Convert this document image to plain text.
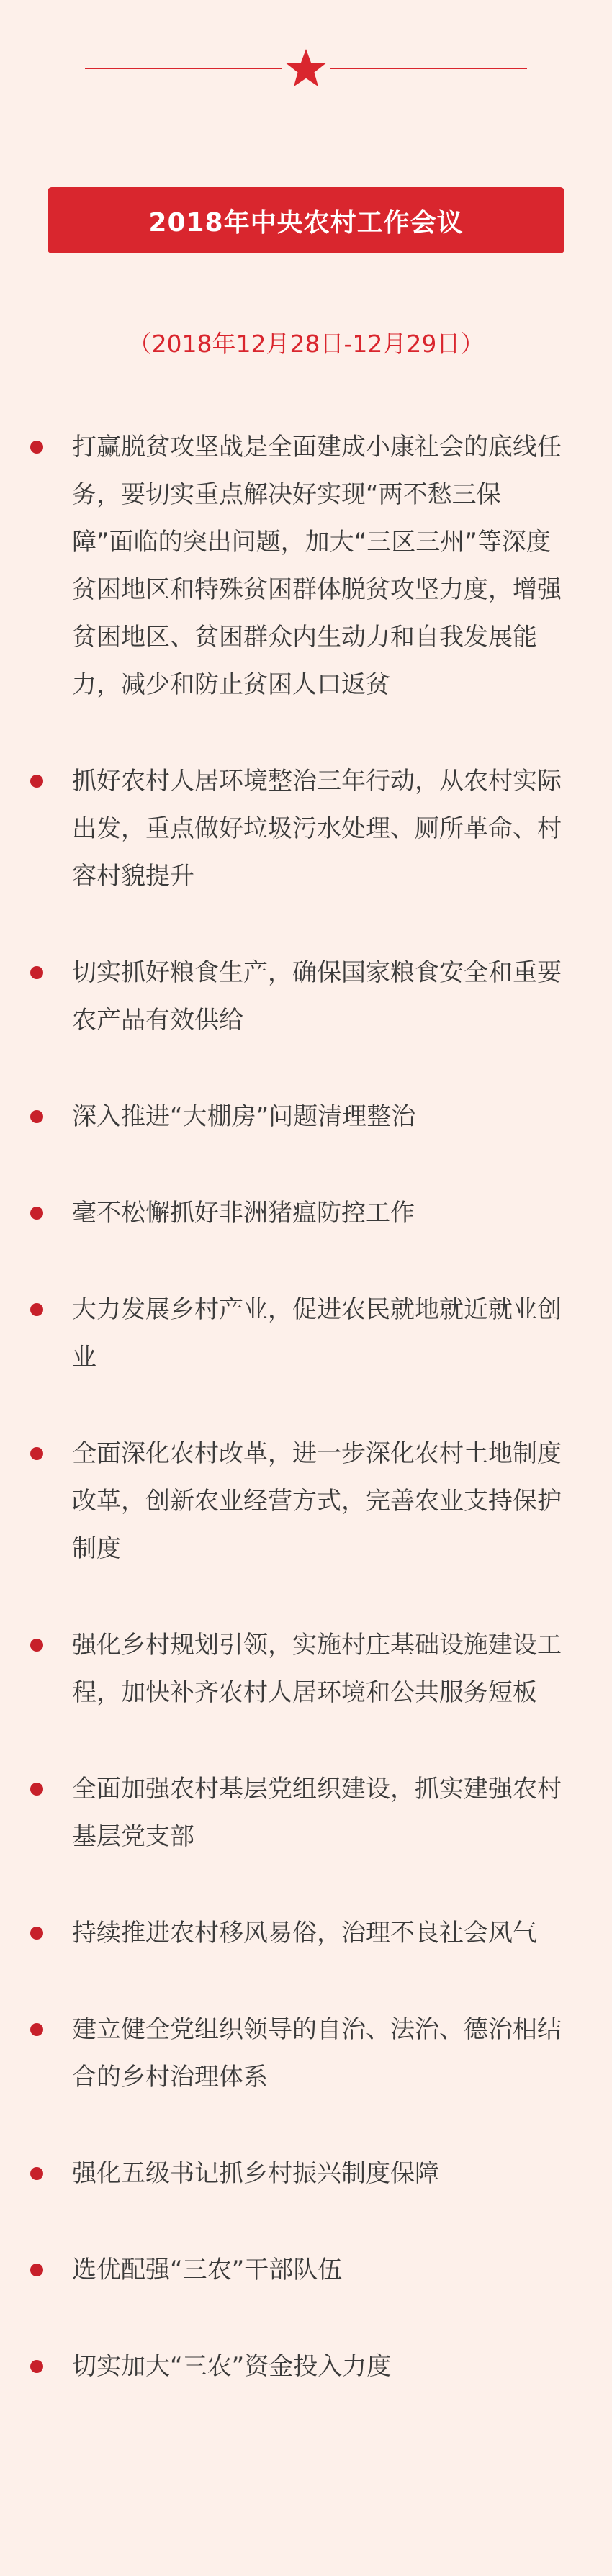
2018年中央农村工作会议
（2018年12月28日-12月29日）
打赢脱贫攻坚战是全面建成小康社会的底线任务，要切实重点解决好实现“两不愁三保障”面临的突出问题，加大“三区三州”等深度贫困地区和特殊贫困群体脱贫攻坚力度，增强贫困地区、贫困群众内生动力和自我发展能力，减少和防止贫困人口返贫
抓好农村人居环境整治三年行动，从农村实际出发，重点做好垃圾污水处理、厕所革命、村容村貌提升
切实抓好粮食生产，确保国家粮食安全和重要农产品有效供给
深入推进“大棚房”问题清理整治
毫不松懈抓好非洲猪瘟防控工作
大力发展乡村产业，促进农民就地就近就业创业
全面深化农村改革，进一步深化农村土地制度改革，创新农业经营方式，完善农业支持保护制度
强化乡村规划引领，实施村庄基础设施建设工程，加快补齐农村人居环境和公共服务短板
全面加强农村基层党组织建设，抓实建强农村基层党支部
持续推进农村移风易俗，治理不良社会风气
建立健全党组织领导的自治、法治、德治相结合的乡村治理体系
强化五级书记抓乡村振兴制度保障
选优配强“三农”干部队伍
切实加大“三农”资金投入力度
